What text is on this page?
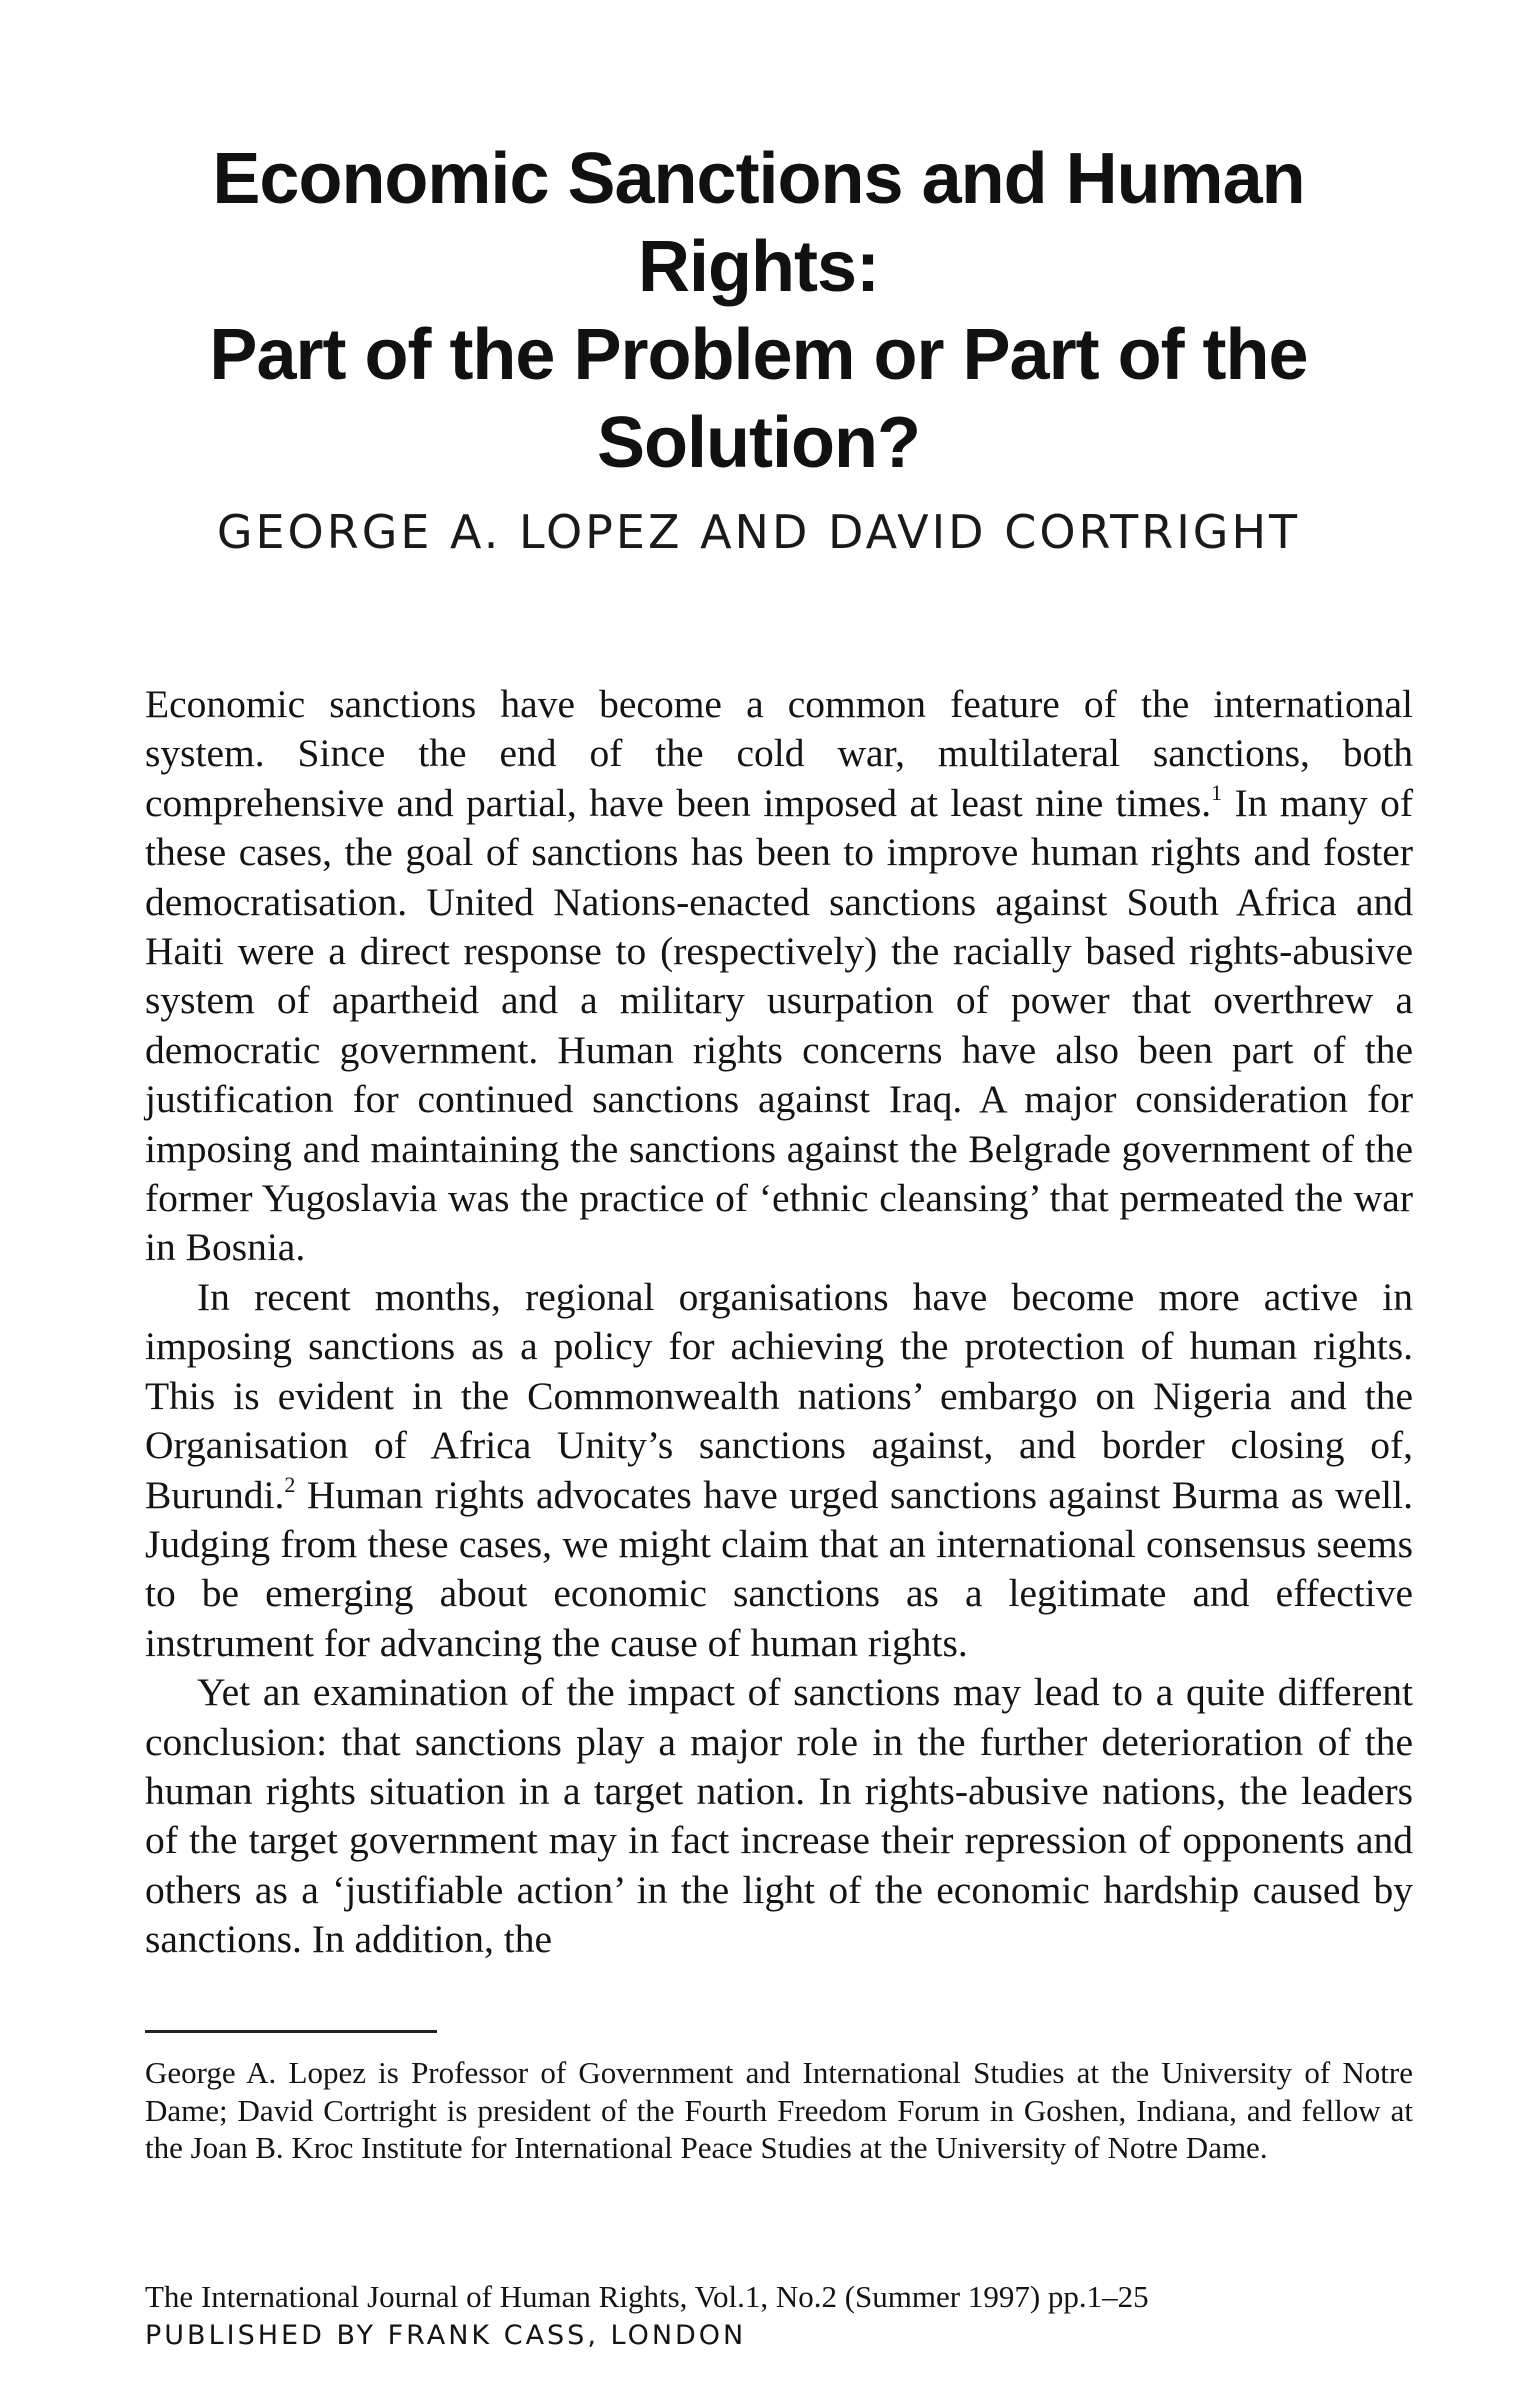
Economic Sanctions and Human Rights:
Part of the Problem or Part of the
Solution?

GEORGE A. LOPEZ AND DAVID CORTRIGHT

Economic sanctions have become a common feature of the international system. Since the end of the cold war, multilateral sanctions, both comprehensive and partial, have been imposed at least nine times.$^1$ In many of these cases, the goal of sanctions has been to improve human rights and foster democratisation. United Nations-enacted sanctions against South Africa and Haiti were a direct response to (respectively) the racially based rights-abusive system of apartheid and a military usurpation of power that overthrew a democratic government. Human rights concerns have also been part of the justification for continued sanctions against Iraq. A major consideration for imposing and maintaining the sanctions against the Belgrade government of the former Yugoslavia was the practice of ‘ethnic cleansing’ that permeated the war in Bosnia.

In recent months, regional organisations have become more active in imposing sanctions as a policy for achieving the protection of human rights. This is evident in the Commonwealth nations’ embargo on Nigeria and the Organisation of Africa Unity’s sanctions against, and border closing of, Burundi.$^2$ Human rights advocates have urged sanctions against Burma as well. Judging from these cases, we might claim that an international consensus seems to be emerging about economic sanctions as a legitimate and effective instrument for advancing the cause of human rights.

Yet an examination of the impact of sanctions may lead to a quite different conclusion: that sanctions play a major role in the further deterioration of the human rights situation in a target nation. In rights-abusive nations, the leaders of the target government may in fact increase their repression of opponents and others as a ‘justifiable action’ in the light of the economic hardship caused by sanctions. In addition, the

George A. Lopez is Professor of Government and International Studies at the University of Notre Dame; David Cortright is president of the Fourth Freedom Forum in Goshen, Indiana, and fellow at the Joan B. Kroc Institute for International Peace Studies at the University of Notre Dame.

The International Journal of Human Rights, Vol.1, No.2 (Summer 1997) pp.1–25

PUBLISHED BY FRANK CASS, LONDON
